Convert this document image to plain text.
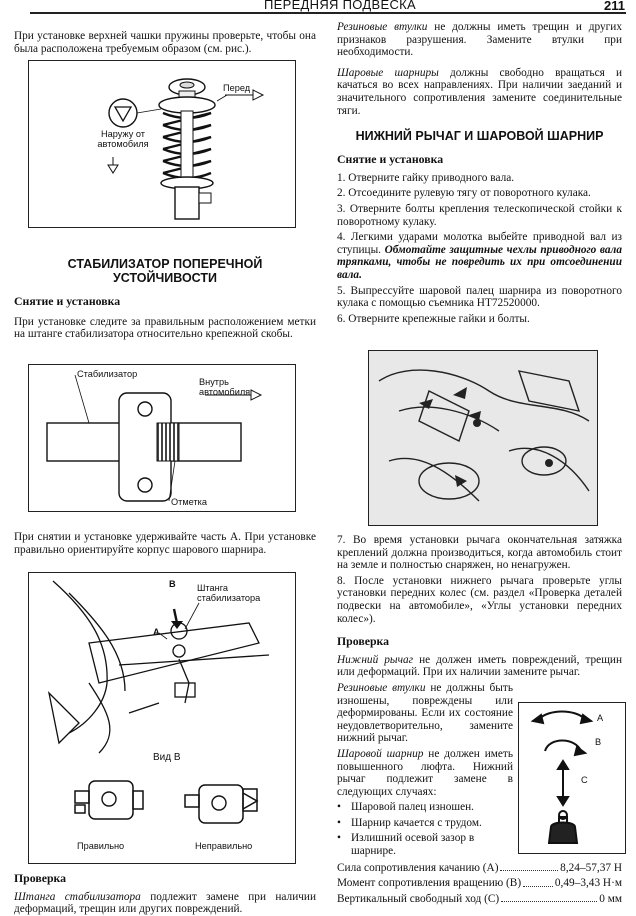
ПЕРЕДНЯЯ ПОДВЕСКА	211

При установке верхней чашки пружины проверьте, чтобы она была расположена требуемым образом (см. рис.).

Перед
Наружу от автомобиля
СТАБИЛИЗАТОР ПОПЕРЕЧНОЙ УСТОЙЧИВОСТИ
Снятие и установка

При установке следите за правильным расположением метки на штанге стабилизатора относительно крепежной скобы.

Стабилизатор
Внутрь автомобиля
Отметка

При снятии и установке удерживайте часть A. При установке правильно ориентируйте корпус шарового шарнира.

B Штанга стабилизатора
A
Вид B
Правильно	Неправильно
Проверка

Штанга стабилизатора подлежит замене при наличии деформаций, трещин или других повреждений.

Резиновые втулки не должны иметь трещин и других признаков разрушения. Замените втулки при необходимости.

Шаровые шарниры должны свободно вращаться и качаться во всех направлениях. При наличии заеданий и значительного сопротивления замените соединительные тяги.

НИЖНИЙ РЫЧАГ И ШАРОВОЙ ШАРНИР
Снятие и установка

1. Отверните гайку приводного вала.

2. Отсоедините рулевую тягу от поворотного кулака.

3. Отверните болты крепления телескопической стойки к поворотному кулаку.

4. Легкими ударами молотка выбейте приводной вал из ступицы. Обмотайте защитные чехлы приводного вала тряпками, чтобы не повредить их при отсоединении вала.

5. Выпрессуйте шаровой палец шарнира из поворотного кулака с помощью съемника HT72520000.

6. Отверните крепежные гайки и болты.

7. Во время установки рычага окончательная затяжка креплений должна производиться, когда автомобиль стоит на земле и полностью снаряжен, но ненагружен.

8. После установки нижнего рычага проверьте углы установки передних колес (см. раздел «Проверка деталей подвески на автомобиле», «Углы установки передних колес»).

Проверка

Нижний рычаг не должен иметь повреждений, трещин или деформаций. При их наличии замените рычаг.

Резиновые втулки не должны быть изношены, повреждены или деформированы. Если их состояние неудовлетворительно, замените нижний рычаг.

Шаровой шарнир не должен иметь повышенного люфта. Нижний рычаг подлежит замене в следующих случаях:

• Шаровой палец изношен.
• Шарнир качается с трудом.
• Излишний осевой зазор в шарнире.
Сила сопротивления качанию (A)	8,24–57,37 Н
Момент сопротивления вращению (B)	0,49–3,43 Н·м
Вертикальный свободный ход (C)	0 мм
A
B
C
